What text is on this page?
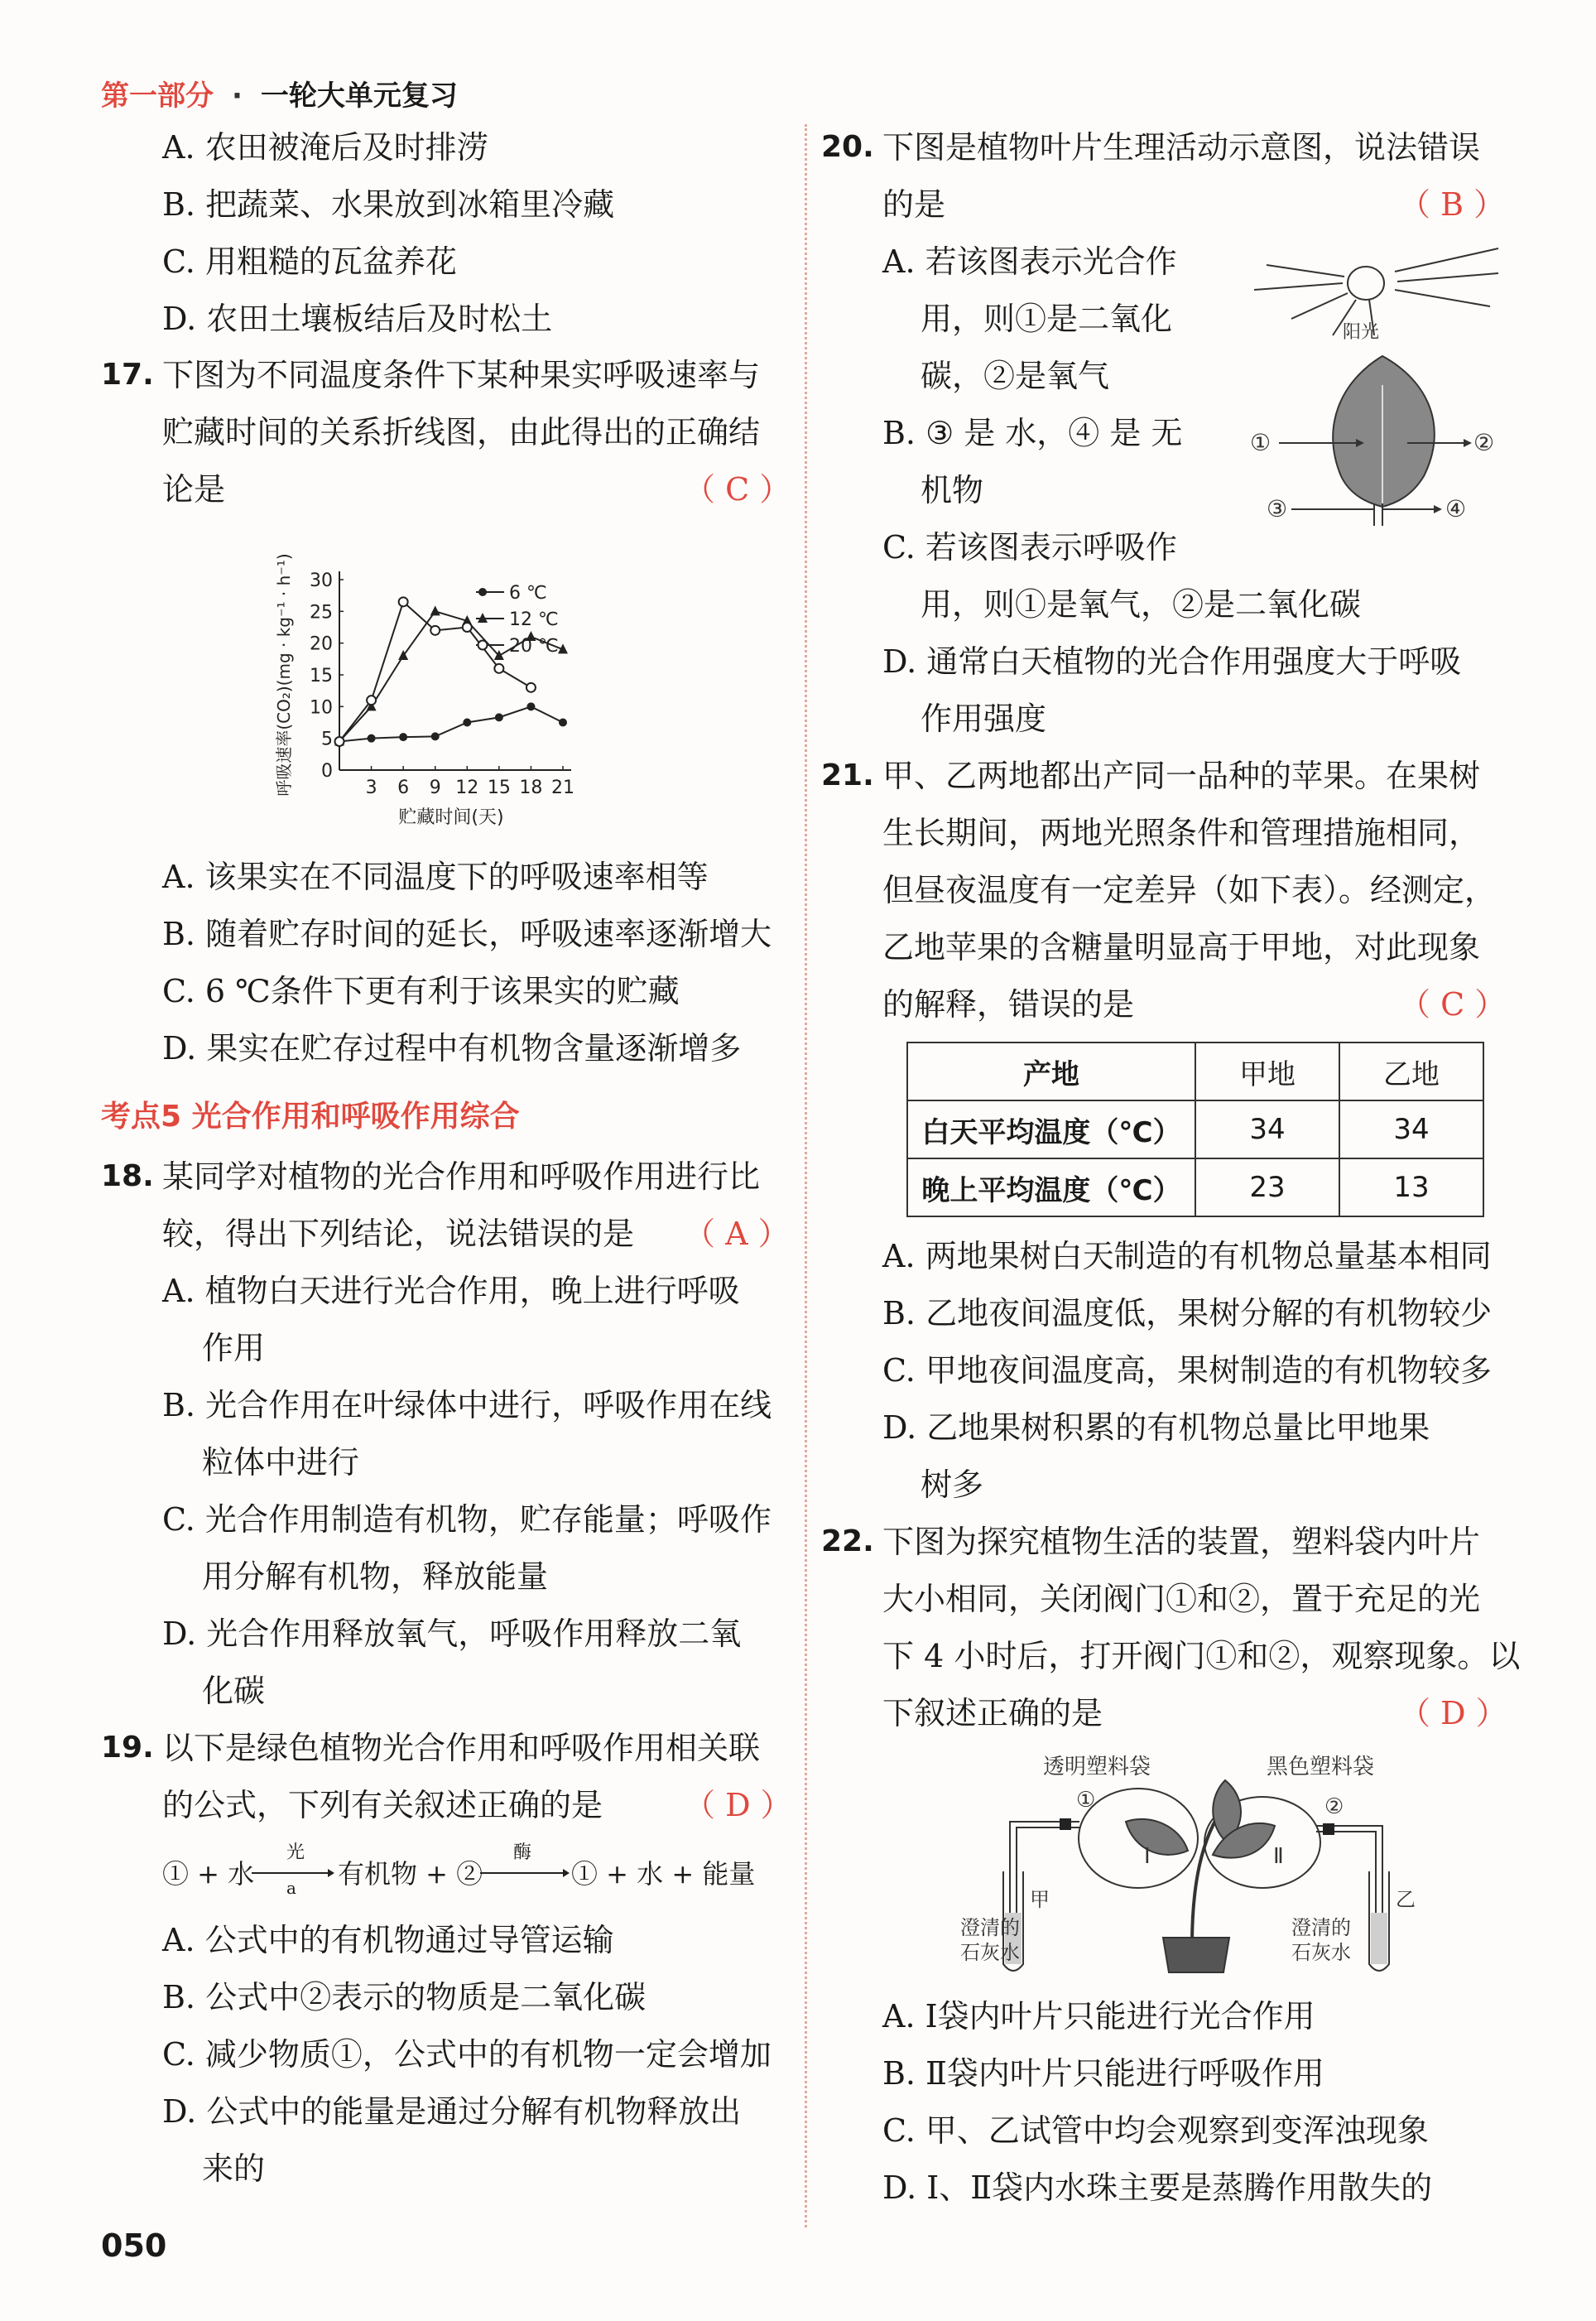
第一部分 · 一轮大单元复习
A. 农田被淹后及时排涝
B. 把蔬菜、水果放到冰箱里冷藏
C. 用粗糙的瓦盆养花
D. 农田土壤板结后及时松土
17. 下图为不同温度条件下某种果实呼吸速率与
贮藏时间的关系折线图，由此得出的正确结
论是	（ C ）
0
5
10
15
20
25
30
3 6 9 12 15 18 21
贮藏时间(天)
呼吸速率(CO₂)(mg · kg⁻¹ · h⁻¹)	6 ℃
12 ℃
20 ℃
A. 该果实在不同温度下的呼吸速率相等
B. 随着贮存时间的延长，呼吸速率逐渐增大
C. 6 ℃条件下更有利于该果实的贮藏
D. 果实在贮存过程中有机物含量逐渐增多
考点5 光合作用和呼吸作用综合
18. 某同学对植物的光合作用和呼吸作用进行比
较，得出下列结论，说法错误的是 （ A ）
A. 植物白天进行光合作用，晚上进行呼吸
作用
B. 光合作用在叶绿体中进行，呼吸作用在线
粒体中进行
C. 光合作用制造有机物，贮存能量；呼吸作
用分解有机物，释放能量
D. 光合作用释放氧气，呼吸作用释放二氧
化碳
19. 以下是绿色植物光合作用和呼吸作用相关联
的公式，下列有关叙述正确的是	（ D ）
① + 水
光
a 有机物 + ②
酶
① + 水 + 能量
A. 公式中的有机物通过导管运输
B. 公式中②表示的物质是二氧化碳
C. 减少物质①，公式中的有机物一定会增加
D. 公式中的能量是通过分解有机物释放出
来的
050
20. 下图是植物叶片生理活动示意图，说法错误
的是	（ B ）
A. 若该图表示光合作
用，则①是二氧化
碳，②是氧气
B. ③ 是 水，④ 是 无
机物
C. 若该图表示呼吸作
用，则①是氧气，②是二氧化碳
D. 通常白天植物的光合作用强度大于呼吸
作用强度
阳光
①	②
③	④
21. 甲、乙两地都出产同一品种的苹果。在果树
生长期间，两地光照条件和管理措施相同，
但昼夜温度有一定差异（如下表）。经测定，
乙地苹果的含糖量明显高于甲地，对此现象
的解释，错误的是	（ C ）
产地	甲地	乙地
白天平均温度（℃）	34	34
晚上平均温度（℃）	23	13
A. 两地果树白天制造的有机物总量基本相同
B. 乙地夜间温度低，果树分解的有机物较少
C. 甲地夜间温度高，果树制造的有机物较多
D. 乙地果树积累的有机物总量比甲地果
树多
22. 下图为探究植物生活的装置，塑料袋内叶片
大小相同，关闭阀门①和②，置于充足的光
下 4 小时后，打开阀门①和②，观察现象。以
下叙述正确的是	（ D ）
透明塑料袋	黑色塑料袋
①	②
Ⅰ	Ⅱ
甲	乙
澄清的
石灰水
澄清的
石灰水
A. Ⅰ袋内叶片只能进行光合作用
B. Ⅱ袋内叶片只能进行呼吸作用
C. 甲、乙试管中均会观察到变浑浊现象
D. Ⅰ、Ⅱ袋内水珠主要是蒸腾作用散失的
